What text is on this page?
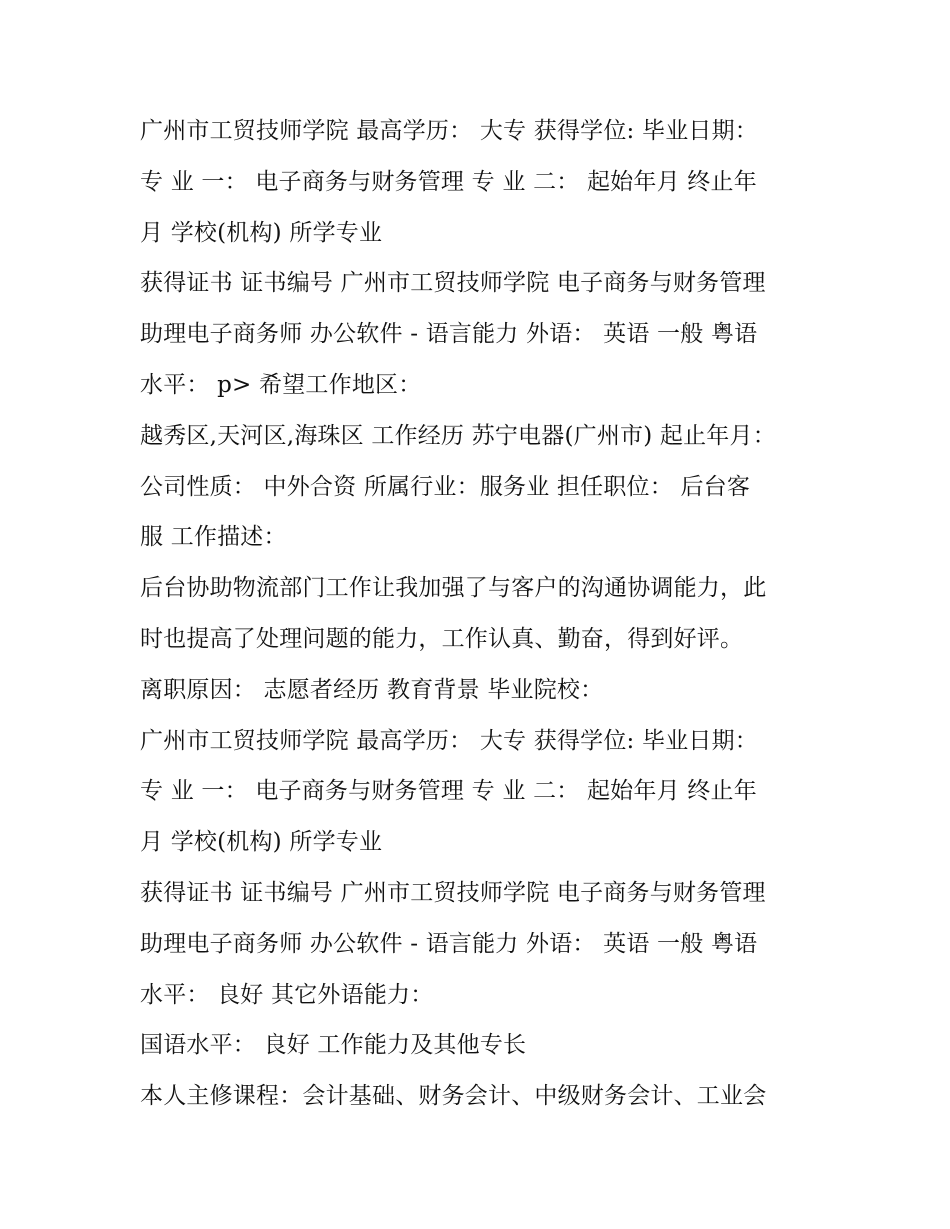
广州市工贸技师学院 最高学历： 大专 获得学位: 毕业日期：
专 业 一： 电子商务与财务管理 专 业 二： 起始年月 终止年
月 学校(机构) 所学专业
获得证书 证书编号 广州市工贸技师学院 电子商务与财务管理
助理电子商务师 办公软件 - 语言能力 外语： 英语 一般 粤语
水平： p> 希望工作地区：
越秀区,天河区,海珠区 工作经历 苏宁电器(广州市) 起止年月：
公司性质： 中外合资 所属行业：服务业 担任职位： 后台客
服 工作描述：
后台协助物流部门工作让我加强了与客户的沟通协调能力，此
时也提高了处理问题的能力，工作认真、勤奋，得到好评。
离职原因： 志愿者经历 教育背景 毕业院校：
广州市工贸技师学院 最高学历： 大专 获得学位: 毕业日期：
专 业 一： 电子商务与财务管理 专 业 二： 起始年月 终止年
月 学校(机构) 所学专业
获得证书 证书编号 广州市工贸技师学院 电子商务与财务管理
助理电子商务师 办公软件 - 语言能力 外语： 英语 一般 粤语
水平： 良好 其它外语能力：
国语水平： 良好 工作能力及其他专长
本人主修课程：会计基础、财务会计、中级财务会计、工业会
